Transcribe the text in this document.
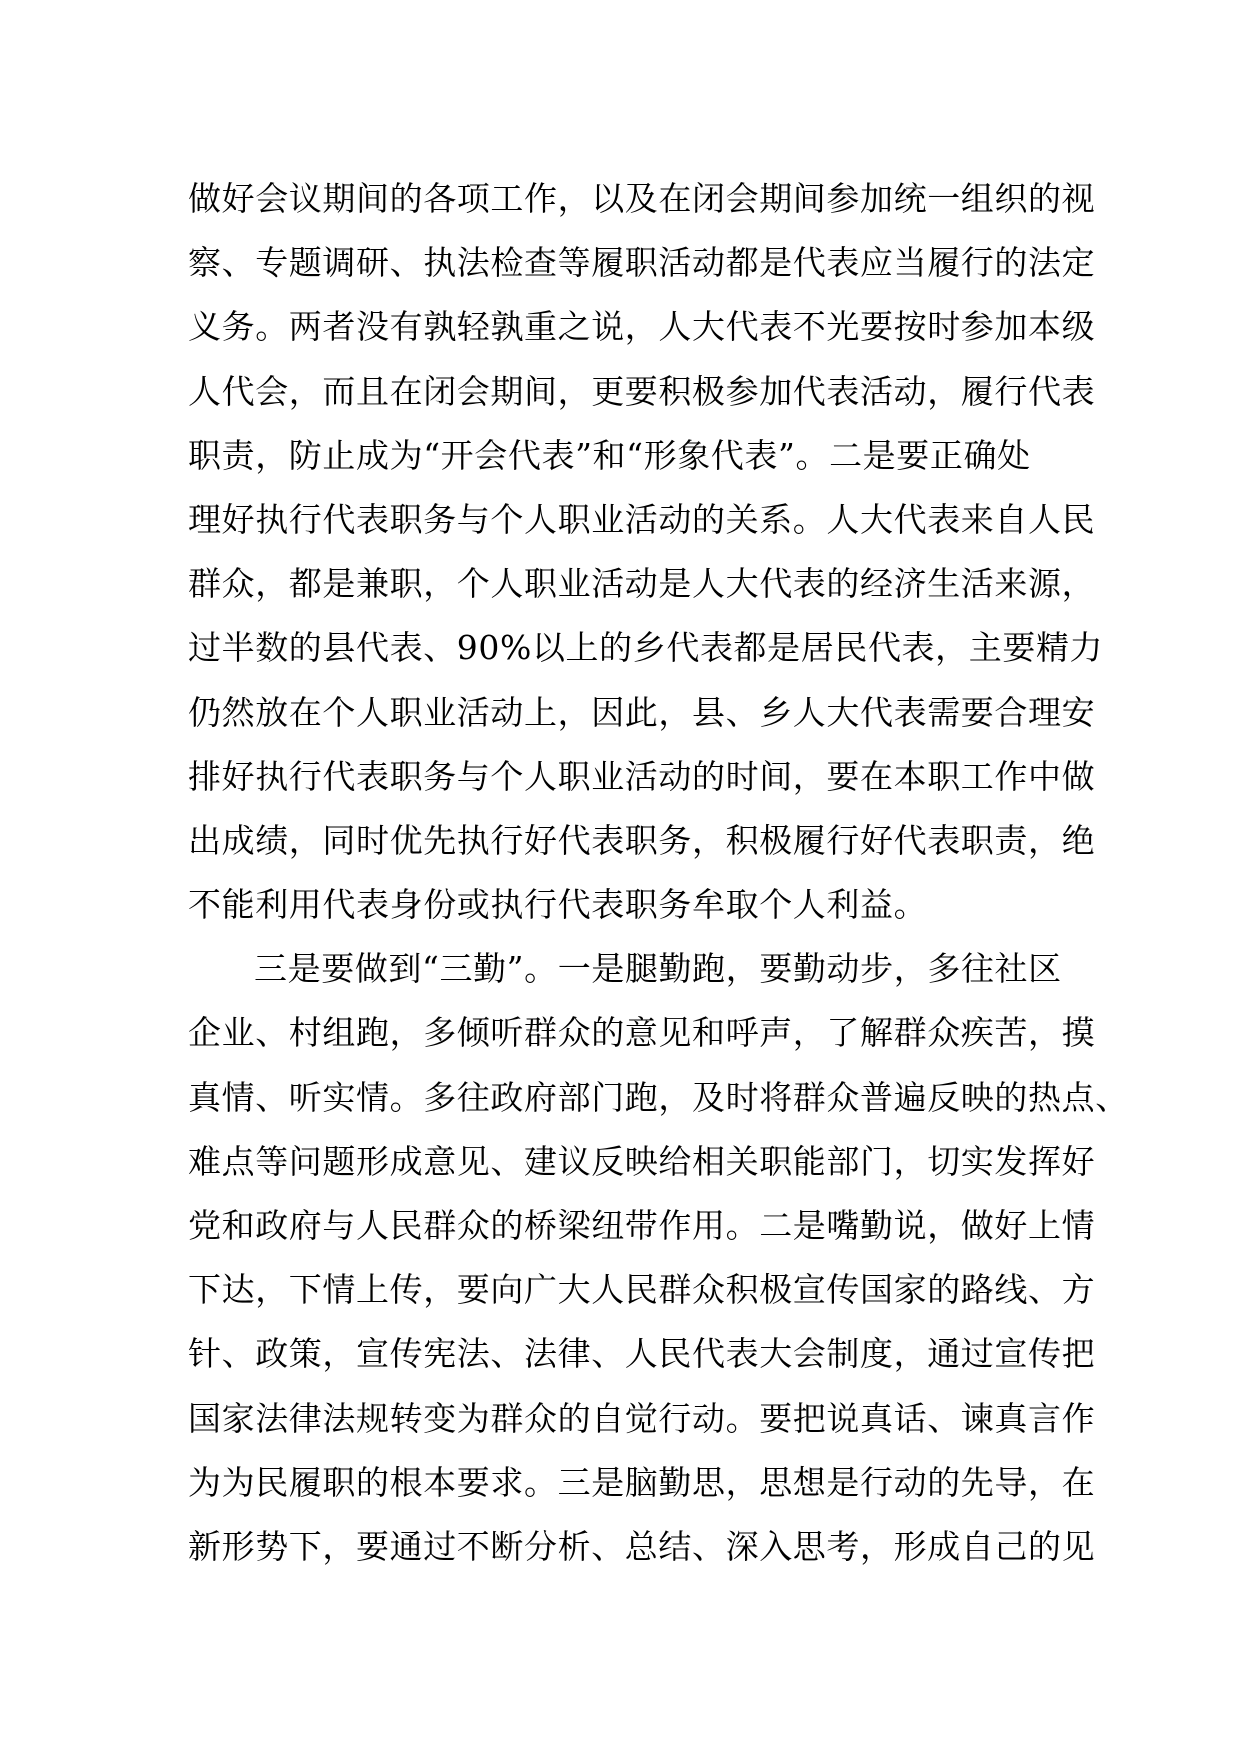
做好会议期间的各项工作，以及在闭会期间参加统一组织的视
察、专题调研、执法检查等履职活动都是代表应当履行的法定
义务。两者没有孰轻孰重之说，人大代表不光要按时参加本级
人代会，而且在闭会期间，更要积极参加代表活动，履行代表
职责，防止成为“开会代表”和“形象代表”。二是要正确处
理好执行代表职务与个人职业活动的关系。人大代表来自人民
群众，都是兼职，个人职业活动是人大代表的经济生活来源，
过半数的县代表、90%以上的乡代表都是居民代表，主要精力
仍然放在个人职业活动上，因此，县、乡人大代表需要合理安
排好执行代表职务与个人职业活动的时间，要在本职工作中做
出成绩，同时优先执行好代表职务，积极履行好代表职责，绝
不能利用代表身份或执行代表职务牟取个人利益。
三是要做到“三勤”。一是腿勤跑，要勤动步，多往社区
企业、村组跑，多倾听群众的意见和呼声，了解群众疾苦，摸
真情、听实情。多往政府部门跑，及时将群众普遍反映的热点、
难点等问题形成意见、建议反映给相关职能部门，切实发挥好
党和政府与人民群众的桥梁纽带作用。二是嘴勤说，做好上情
下达，下情上传，要向广大人民群众积极宣传国家的路线、方
针、政策，宣传宪法、法律、人民代表大会制度，通过宣传把
国家法律法规转变为群众的自觉行动。要把说真话、谏真言作
为为民履职的根本要求。三是脑勤思，思想是行动的先导，在
新形势下，要通过不断分析、总结、深入思考，形成自己的见
